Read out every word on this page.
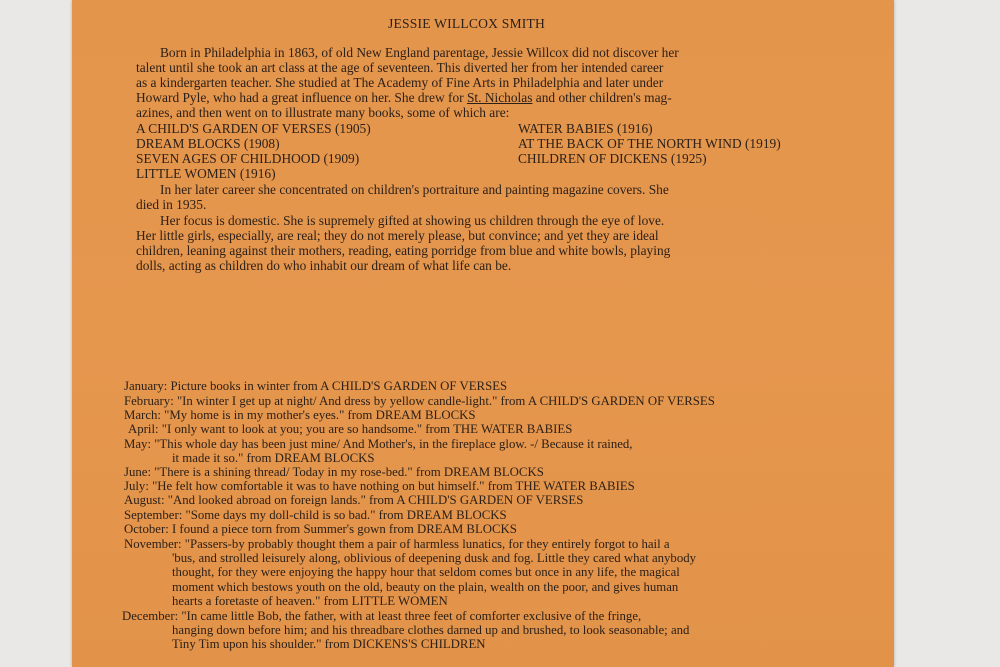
JESSIE WILLCOX SMITH
Born in Philadelphia in 1863, of old New England parentage, Jessie Willcox did not discover her
talent until she took an art class at the age of seventeen. This diverted her from her intended career
as a kindergarten teacher. She studied at The Academy of Fine Arts in Philadelphia and later under
Howard Pyle, who had a great influence on her. She drew for St. Nicholas and other children's mag-
azines, and then went on to illustrate many books, some of which are:
A CHILD'S GARDEN OF VERSES (1905)
DREAM BLOCKS (1908)
SEVEN AGES OF CHILDHOOD (1909)
LITTLE WOMEN (1916)
WATER BABIES (1916)
AT THE BACK OF THE NORTH WIND (1919)
CHILDREN OF DICKENS (1925)
In her later career she concentrated on children's portraiture and painting magazine covers. She
died in 1935.
Her focus is domestic. She is supremely gifted at showing us children through the eye of love.
Her little girls, especially, are real; they do not merely please, but convince; and yet they are ideal
children, leaning against their mothers, reading, eating porridge from blue and white bowls, playing
dolls, acting as children do who inhabit our dream of what life can be.
January: Picture books in winter from A CHILD'S GARDEN OF VERSES
February: "In winter I get up at night/ And dress by yellow candle-light." from A CHILD'S GARDEN OF VERSES
March: "My home is in my mother's eyes." from DREAM BLOCKS
April: "I only want to look at you; you are so handsome." from THE WATER BABIES
May: "This whole day has been just mine/ And Mother's, in the fireplace glow. -/ Because it rained,
it made it so." from DREAM BLOCKS
June: "There is a shining thread/ Today in my rose-bed." from DREAM BLOCKS
July: "He felt how comfortable it was to have nothing on but himself." from THE WATER BABIES
August: "And looked abroad on foreign lands." from A CHILD'S GARDEN OF VERSES
September: "Some days my doll-child is so bad." from DREAM BLOCKS
October: I found a piece torn from Summer's gown from DREAM BLOCKS
November: "Passers-by probably thought them a pair of harmless lunatics, for they entirely forgot to hail a
'bus, and strolled leisurely along, oblivious of deepening dusk and fog. Little they cared what anybody
thought, for they were enjoying the happy hour that seldom comes but once in any life, the magical
moment which bestows youth on the old, beauty on the plain, wealth on the poor, and gives human
hearts a foretaste of heaven." from LITTLE WOMEN
December: "In came little Bob, the father, with at least three feet of comforter exclusive of the fringe,
hanging down before him; and his threadbare clothes darned up and brushed, to look seasonable; and
Tiny Tim upon his shoulder." from DICKENS'S CHILDREN
